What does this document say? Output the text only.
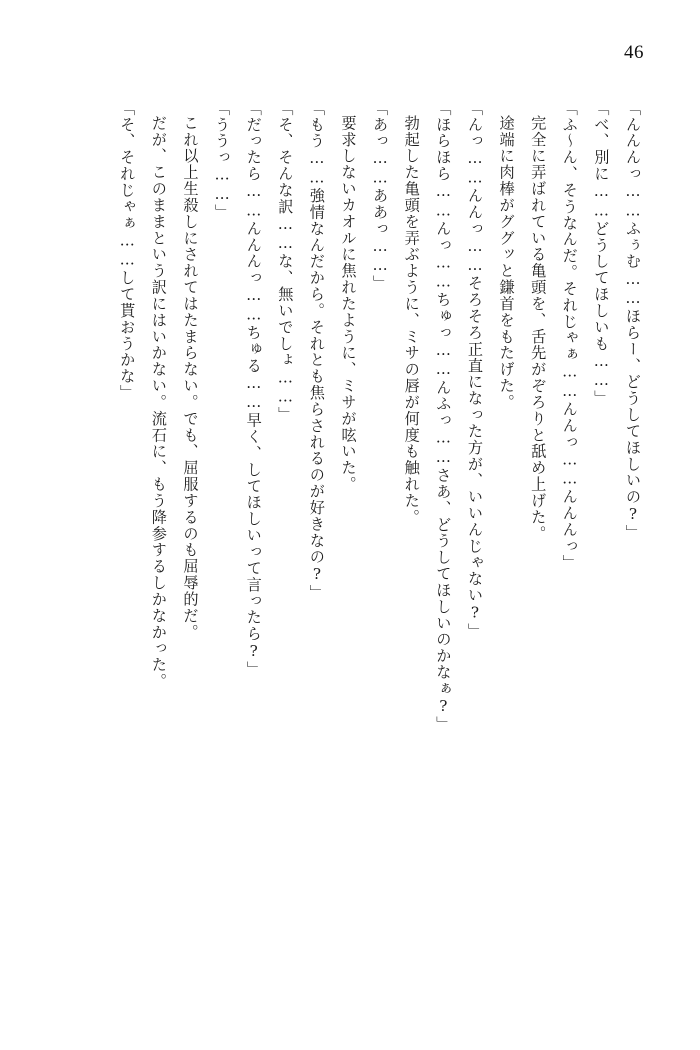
46

「んんんっ……ふぅむ……ほらー、どうしてほしいの?」

「べ、別に……どうしてほしいも……」

「ふ〜ん、そうなんだ。それじゃぁ……んんっ……んんんっ」

完全に弄ばれている亀頭を、舌先がぞろりと舐め上げた。

途端に肉棒がググッと鎌首をもたげた。

「んっ……んんっ……そろそろ正直になった方が、いいんじゃない?」

「ほらほら……んっ……ちゅっ……んふっ……さあ、どうしてほしいのかなぁ?」

勃起した亀頭を弄ぶように、ミサの唇が何度も触れた。

「あっ……ああっ……」

要求しないカオルに焦れたように、ミサが呟いた。

「もう……強情なんだから。それとも焦らされるのが好きなの?」

「そ、そんな訳……な、無いでしょ……」

「だったら……んんんっ……ちゅる……早く、してほしいって言ったら?」

「ううっ……」

これ以上生殺しにされてはたまらない。でも、屈服するのも屈辱的だ。

だが、このままという訳にはいかない。流石に、もう降参するしかなかった。

「そ、それじゃぁ……して貰おうかな」
